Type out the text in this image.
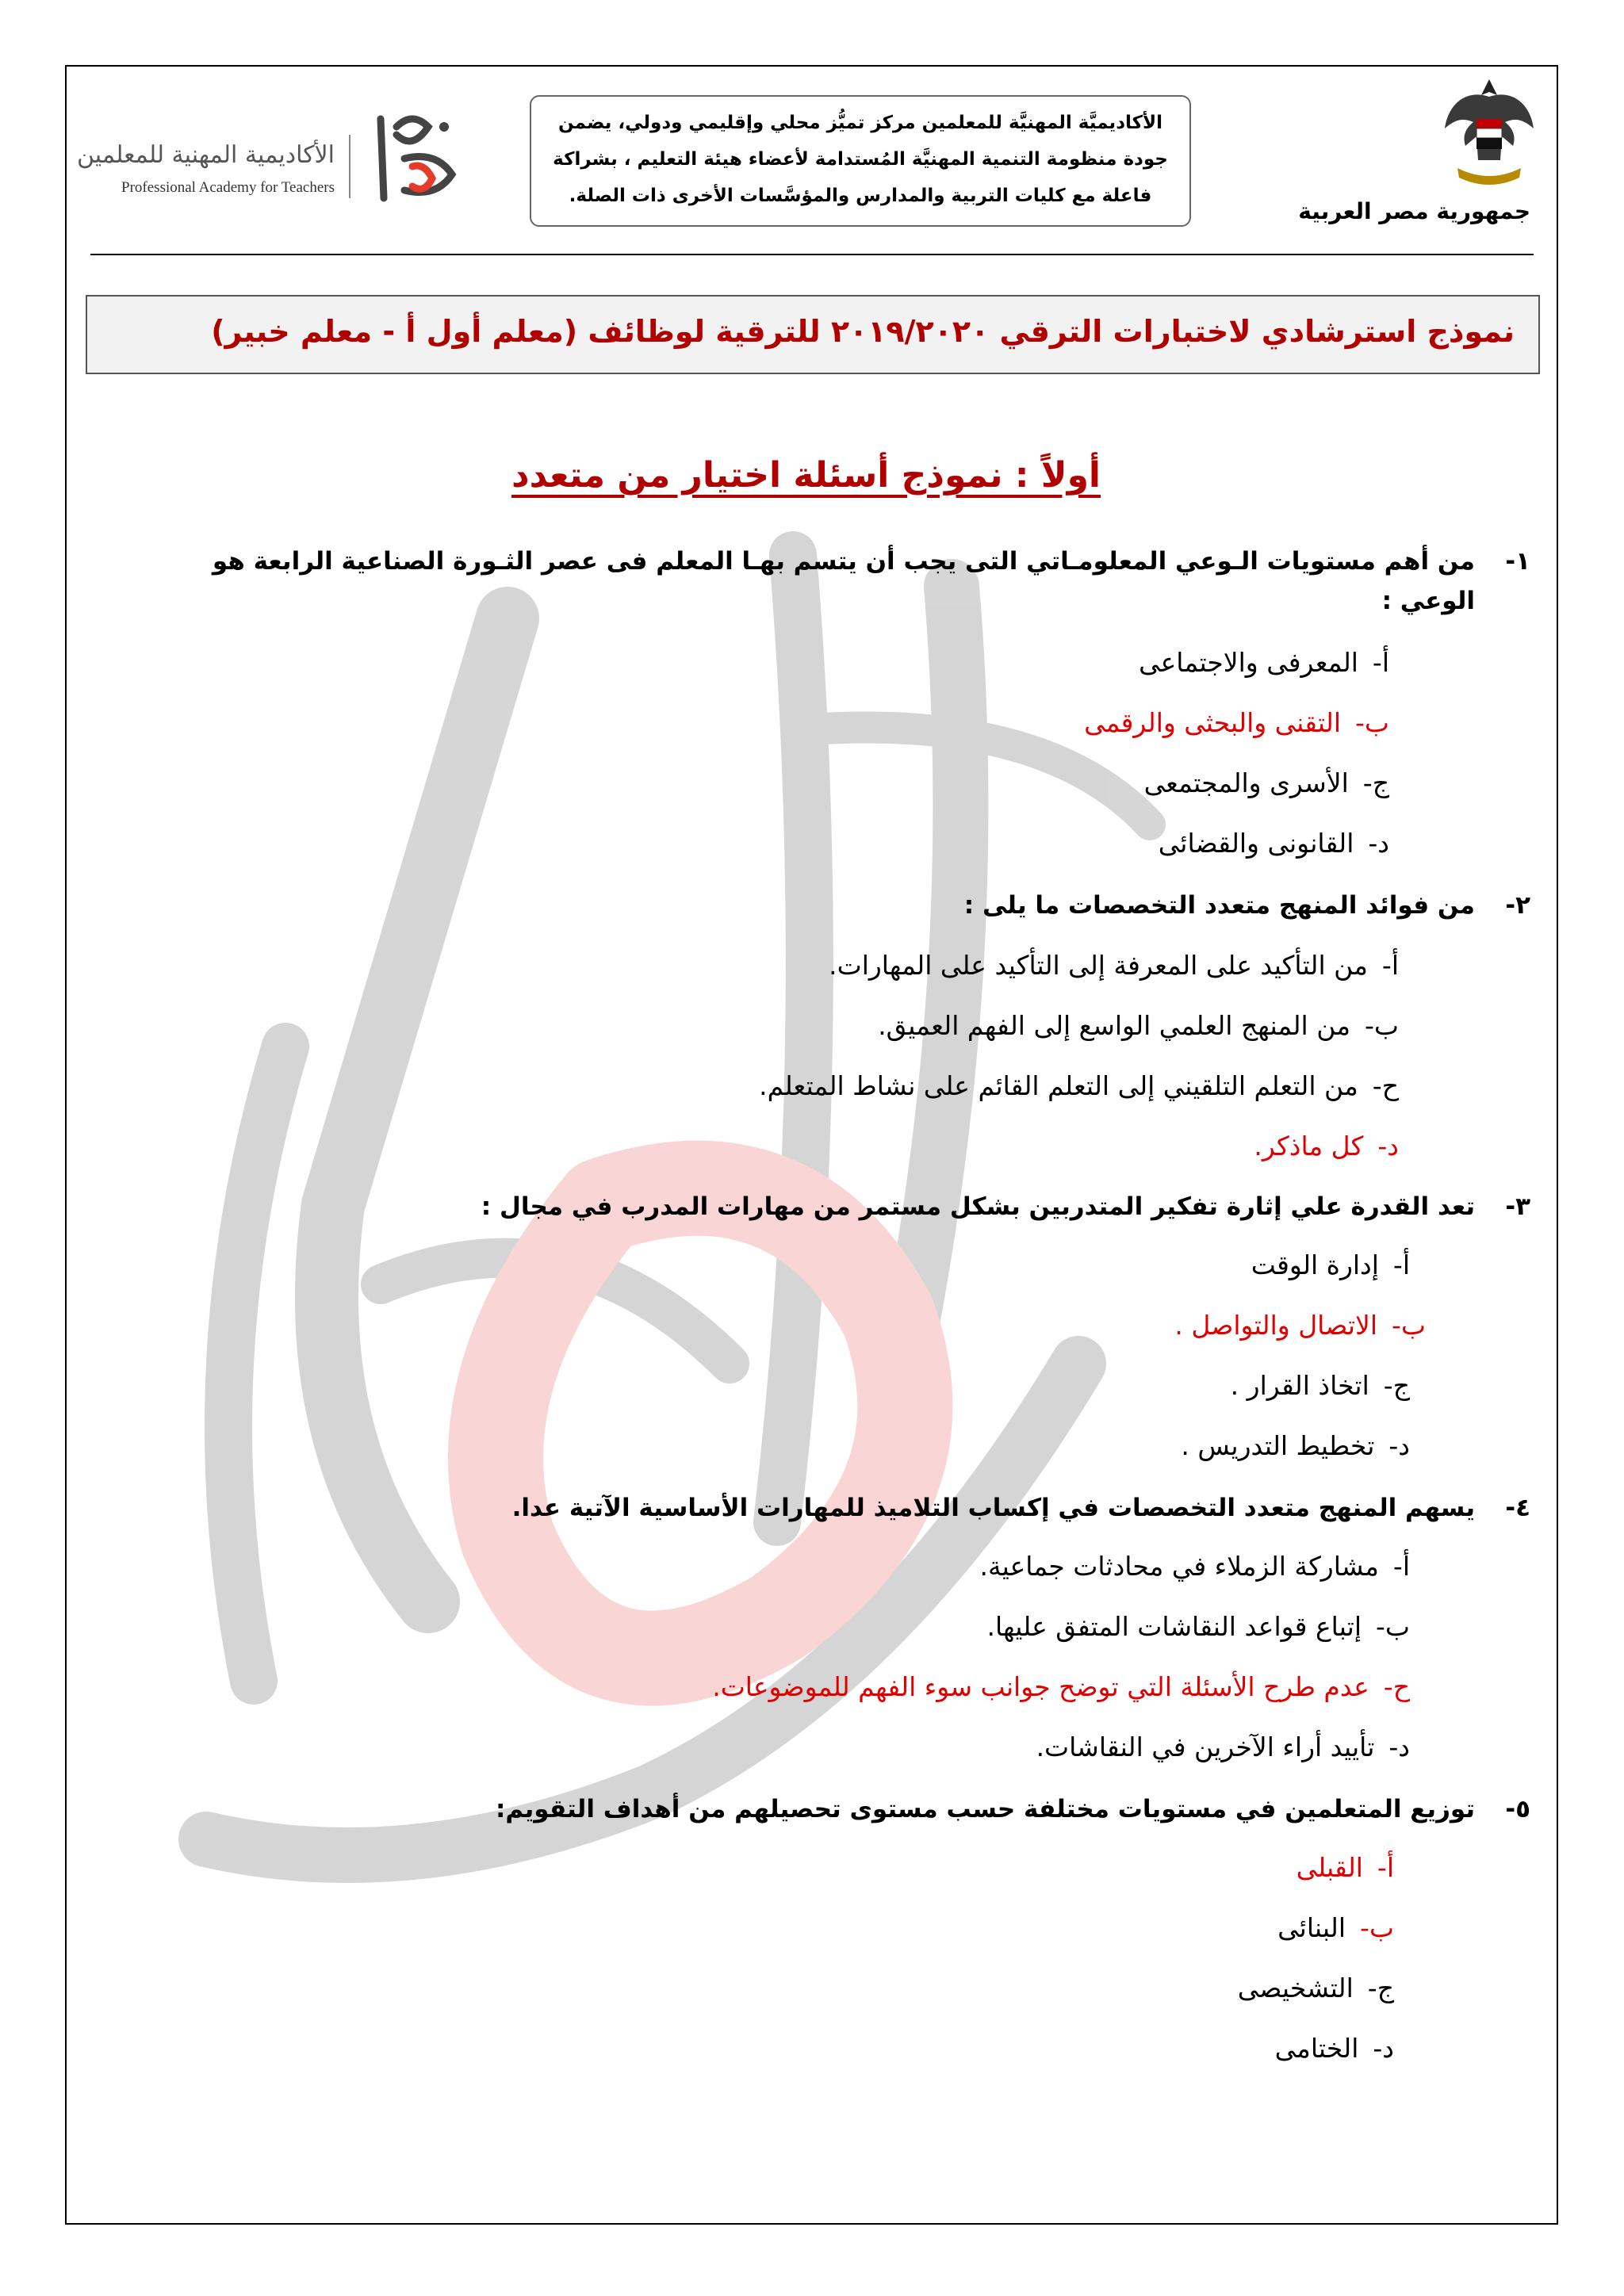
جمهورية مصر العربية
الأكاديميَّة المهنيَّة للمعلمين مركز تميُّز محلي وإقليمي ودولي، يضمن
جودة منظومة التنمية المهنيَّة المُستدامة لأعضاء هيئة التعليم ، بشراكة
فاعلة مع كليات التربية والمدارس والمؤسَّسات الأخرى ذات الصلة.
الأكاديمية المهنية للمعلمين
Professional Academy for Teachers
نموذج استرشادي لاختبارات الترقي ٢٠١٩/٢٠٢٠ للترقية لوظائف (معلم أول أ - معلم خبير)
أولاً : نموذج أسئلة اختيار من متعدد
١-
من أهم مستويات الـوعي المعلومـاتي التى يجب أن يتسم بهـا المعلم فى عصر الثـورة الصناعية الرابعة هو
الوعي :
أ-المعرفى والاجتماعى
ب-التقنى والبحثى والرقمى
ج-الأسرى والمجتمعى
د-القانونى والقضائى
٢-
من فوائد المنهج متعدد التخصصات ما يلى :
أ-من التأكيد على المعرفة إلى التأكيد على المهارات.
ب-من المنهج العلمي الواسع إلى الفهم العميق.
ح-من التعلم التلقيني إلى التعلم القائم على نشاط المتعلم.
د-كل ماذكر.
٣-
تعد القدرة علي إثارة تفكير المتدربين بشكل مستمر من مهارات المدرب في مجال :
أ-إدارة الوقت
ب-الاتصال والتواصل .
ج-اتخاذ القرار .
د-تخطيط التدريس .
٤-
يسهم المنهج متعدد التخصصات في إكساب التلاميذ للمهارات الأساسية الآتية عدا.
أ-مشاركة الزملاء في محادثات جماعية.
ب-إتباع قواعد النقاشات المتفق عليها.
ح-عدم طرح الأسئلة التي توضح جوانب سوء الفهم للموضوعات.
د-تأييد أراء الآخرين في النقاشات.
٥-
توزيع المتعلمين في مستويات مختلفة حسب مستوى تحصيلهم من أهداف التقويم:
أ-القبلى
ب-البنائى
ج-التشخيصى
د-الختامى
